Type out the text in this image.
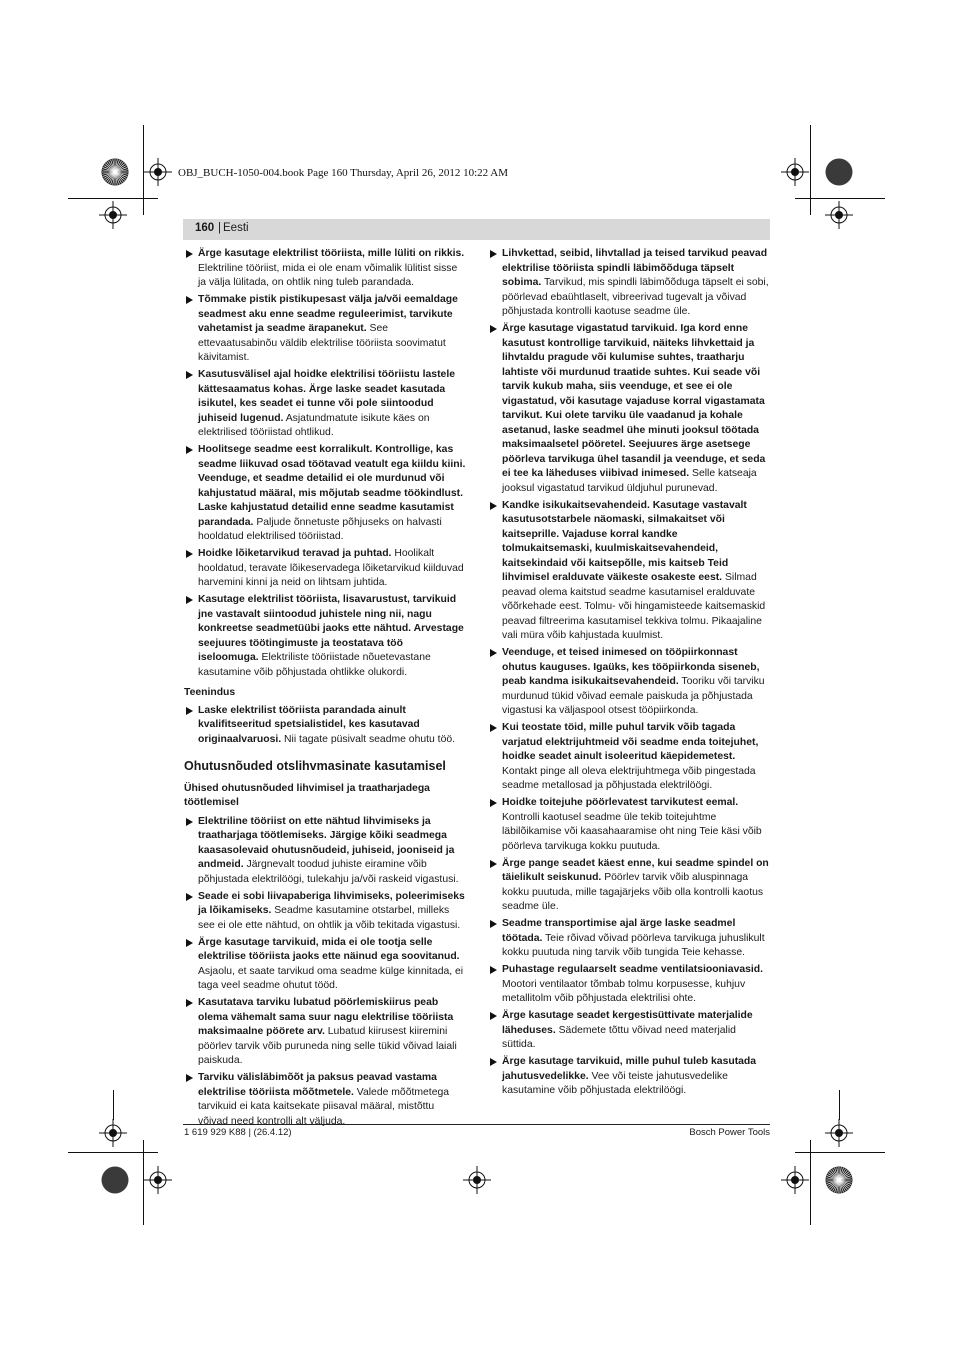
OBJ_BUCH-1050-004.book Page 160 Thursday, April 26, 2012 10:22 AM
160 | Eesti
Ärge kasutage elektrilist tööriista, mille lüliti on rikkis. Elektriline tööriist, mida ei ole enam võimalik lülitist sisse ja välja lülitada, on ohtlik ning tuleb parandada.
Tõmmake pistik pistikupesast välja ja/või eemaldage seadmest aku enne seadme reguleerimist, tarvikute vahetamist ja seadme ärapanekut. See ettevaatusabinõu väldib elektrilise tööriista soovimatut käivitamist.
Kasutusvälisel ajal hoidke elektrilisi tööriistu lastele kättesaamatus kohas. Ärge laske seadet kasutada isikutel, kes seadet ei tunne või pole siintoodud juhiseid lugenud. Asjatundmatute isikute käes on elektrilised tööriistad ohtlikud.
Hoolitsege seadme eest korralikult. Kontrollige, kas seadme liikuvad osad töötavad veatult ega kiildu kiini. Veenduge, et seadme detailid ei ole murdunud või kahjustatud määral, mis mõjutab seadme töökindlust. Laske kahjustatud detailid enne seadme kasutamist parandada. Paljude õnnetuste põhjuseks on halvasti hooldatud elektrilised tööriistad.
Hoidke lõiketarvikud teravad ja puhtad. Hoolikalt hooldatud, teravate lõikeservadega lõiketarvikud kiilduvad harvemini kinni ja neid on lihtsam juhtida.
Kasutage elektrilist tööriista, lisavarustust, tarvikuid jne vastavalt siintoodud juhistele ning nii, nagu konkreetse seadmetüübi jaoks ette nähtud. Arvestage seejuures töötingimuste ja teostatava töö iseloomuga. Elektriliste tööriistade nõuetevastane kasutamine võib põhjustada ohtlikke olukordi.
Teenindus
Laske elektrilist tööriista parandada ainult kvalifitseeritud spetsialistidel, kes kasutavad originaalvaruosi. Nii tagate püsivalt seadme ohutu töö.
Ohutusnõuded otslihvmasinate kasutamisel
Ühised ohutusnõuded lihvimisel ja traatharjadega töötlemisel
Elektriline tööriist on ette nähtud lihvimiseks ja traatharjaga töötlemiseks. Järgige kõiki seadmega kaasasolevaid ohutusnõudeid, juhiseid, jooniseid ja andmeid. Järgnevalt toodud juhiste eiramine võib põhjustada elektrilöögi, tulekahju ja/või raskeid vigastusi.
Seade ei sobi liivapaberiga lihvimiseks, poleerimiseks ja lõikamiseks. Seadme kasutamine otstarbel, milleks see ei ole ette nähtud, on ohtlik ja võib tekitada vigastusi.
Ärge kasutage tarvikuid, mida ei ole tootja selle elektrilise tööriista jaoks ette näinud ega soovitanud. Asjaolu, et saate tarvikud oma seadme külge kinnitada, ei taga veel seadme ohutut tööd.
Kasutatava tarviku lubatud pöörlemiskiirus peab olema vähemalt sama suur nagu elektrilise tööriista maksimaalne pöörete arv. Lubatud kiirusest kiiremini pöörlev tarvik võib puruneda ning selle tükid võivad laiali paiskuda.
Tarviku välisläbimõõt ja paksus peavad vastama elektrilise tööriista mõõtmetele. Valede mõõtmetega tarvikuid ei kata kaitsekate piisaval määral, mistõttu võivad need kontrolli alt väljuda.
Lihvkettad, seibid, lihvtallad ja teised tarvikud peavad elektrilise tööriista spindli läbimõõduga täpselt sobima. Tarvikud, mis spindli läbimõõduga täpselt ei sobi, pöörlevad ebaühtlaselt, vibreerivad tugevalt ja võivad põhjustada kontrolli kaotuse seadme üle.
Ärge kasutage vigastatud tarvikuid. Iga kord enne kasutust kontrollige tarvikuid, näiteks lihvkettaid ja lihvtaldu pragude või kulumise suhtes, traatharju lahtiste või murdunud traatide suhtes. Kui seade või tarvik kukub maha, siis veenduge, et see ei ole vigastatud, või kasutage vajaduse korral vigastamata tarvikut. Kui olete tarviku üle vaadanud ja kohale asetanud, laske seadmel ühe minuti jooksul töötada maksimaalsetel pööretel. Seejuures ärge asetsege pöörleva tarvikuga ühel tasandil ja veenduge, et seda ei tee ka läheduses viibivad inimesed. Selle katseaja jooksul vigastatud tarvikud üldjuhul purunevad.
Kandke isikukaitsevahendeid. Kasutage vastavalt kasutusotstarbele näomaski, silmakaitset või kaitseprille. Vajaduse korral kandke tolmukaitsemaski, kuulmiskaitsevahendeid, kaitsekindaid või kaitsepõlle, mis kaitseb Teid lihvimisel eralduvate väikeste osakeste eest. Silmad peavad olema kaitstud seadme kasutamisel eralduvate võõrkehade eest. Tolmu- või hingamisteede kaitsemaskid peavad filtreerima kasutamisel tekkiva tolmu. Pikaajaline vali müra võib kahjustada kuulmist.
Veenduge, et teised inimesed on tööpiirkonnast ohutus kauguses. Igaüks, kes tööpiirkonda siseneb, peab kandma isikukaitsevahendeid. Tooriku või tarviku murdunud tükid võivad eemale paiskuda ja põhjustada vigastusi ka väljaspool otsest tööpiirkonda.
Kui teostate töid, mille puhul tarvik võib tagada varjatud elektrijuhtmeid või seadme enda toitejuhet, hoidke seadet ainult isoleeritud käepidemetest. Kontakt pinge all oleva elektrijuhtmega võib pingestada seadme metallosad ja põhjustada elektrilöögi.
Hoidke toitejuhe pöörlevatest tarvikutest eemal. Kontrolli kaotusel seadme üle tekib toitejuhtme läbilõikamise või kaasahaaramise oht ning Teie käsi võib pöörleva tarvikuga kokku puutuda.
Ärge pange seadet käest enne, kui seadme spindel on täielikult seiskunud. Pöörlev tarvik võib aluspinnaga kokku puutuda, mille tagajärjeks võib olla kontrolli kaotus seadme üle.
Seadme transportimise ajal ärge laske seadmel töötada. Teie rõivad võivad pöörleva tarvikuga juhuslikult kokku puutuda ning tarvik võib tungida Teie kehasse.
Puhastage regulaarselt seadme ventilatsiooniavasid. Mootori ventilaator tõmbab tolmu korpusesse, kuhjuv metallitolm võib põhjustada elektrilisi ohte.
Ärge kasutage seadet kergestisüttivate materjalide läheduses. Sädemete tõttu võivad need materjalid süttida.
Ärge kasutage tarvikuid, mille puhul tuleb kasutada jahutusvedelikke. Vee või teiste jahutusvedelike kasutamine võib põhjustada elektrilöögi.
1 619 929 K88 | (26.4.12)	Bosch Power Tools
